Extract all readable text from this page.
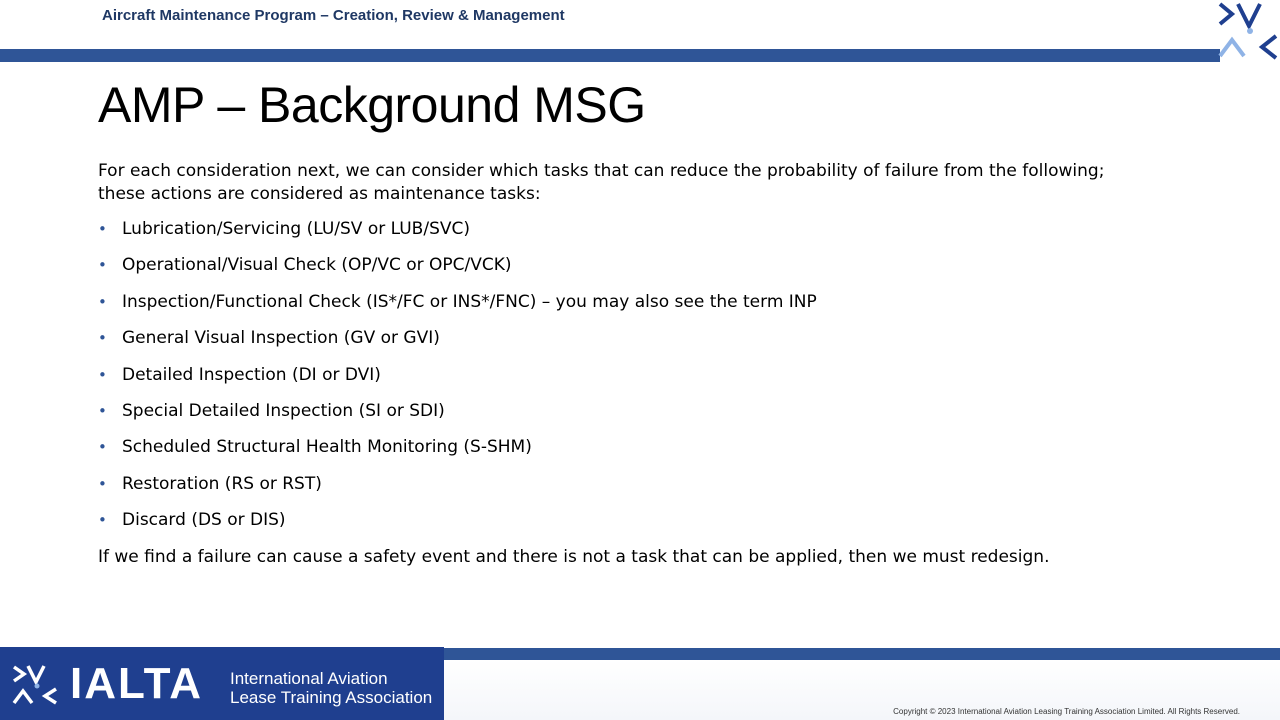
Aircraft Maintenance Program – Creation, Review & Management
AMP – Background MSG

For each consideration next, we can consider which tasks that can reduce the probability of failure from the following; these actions are considered as maintenance tasks:

• Lubrication/Servicing (LU/SV or LUB/SVC)
• Operational/Visual Check (OP/VC or OPC/VCK)
• Inspection/Functional Check (IS*/FC or INS*/FNC) – you may also see the term INP
• General Visual Inspection (GV or GVI)
• Detailed Inspection (DI or DVI)
• Special Detailed Inspection (SI or SDI)
• Scheduled Structural Health Monitoring (S-SHM)
• Restoration (RS or RST)
• Discard (DS or DIS)

If we find a failure can cause a safety event and there is not a task that can be applied, then we must redesign.

IALTA International Aviation
Lease Training Association
Copyright © 2023 International Aviation Leasing Training Association Limited. All Rights Reserved.
